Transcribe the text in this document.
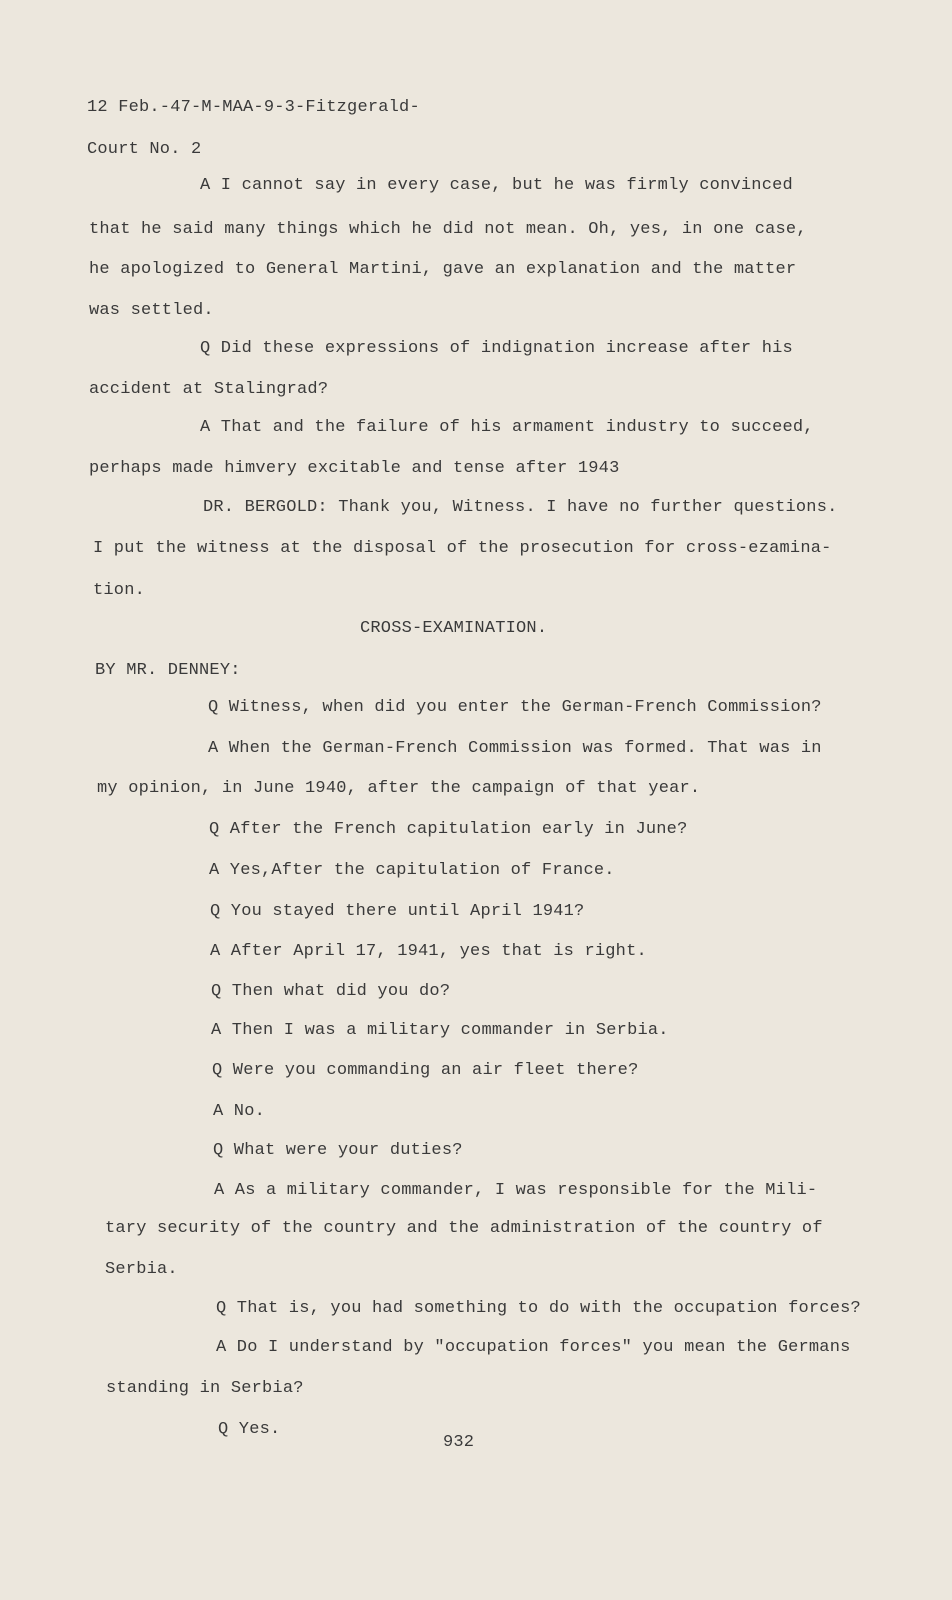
12 Feb.-47-M-MAA-9-3-Fitzgerald-
Court No. 2
A I cannot say in every case, but he was firmly convinced
that he said many things which he did not mean. Oh, yes, in one case,
he apologized to General Martini, gave an explanation and the matter
was settled.
Q Did these expressions of indignation increase after his
accident at Stalingrad?
A That and the failure of his armament industry to succeed,
perhaps made himvery excitable and tense after 1943
DR. BERGOLD: Thank you, Witness. I have no further questions.
I put the witness at the disposal of the prosecution for cross-ezamina-
tion.
CROSS-EXAMINATION.
BY MR. DENNEY:
Q Witness, when did you enter the German-French Commission?
A When the German-French Commission was formed. That was in
my opinion, in June 1940, after the campaign of that year.
Q After the French capitulation early in June?
A Yes,After the capitulation of France.
Q You stayed there until April 1941?
A After April 17, 1941, yes that is right.
Q Then what did you do?
A Then I was a military commander in Serbia.
Q Were you commanding an air fleet there?
A No.
Q What were your duties?
A As a military commander, I was responsible for the Mili-
tary security of the country and the administration of the country of
Serbia.
Q That is, you had something to do with the occupation forces?
A Do I understand by "occupation forces" you mean the Germans
standing in Serbia?
Q Yes.
932
